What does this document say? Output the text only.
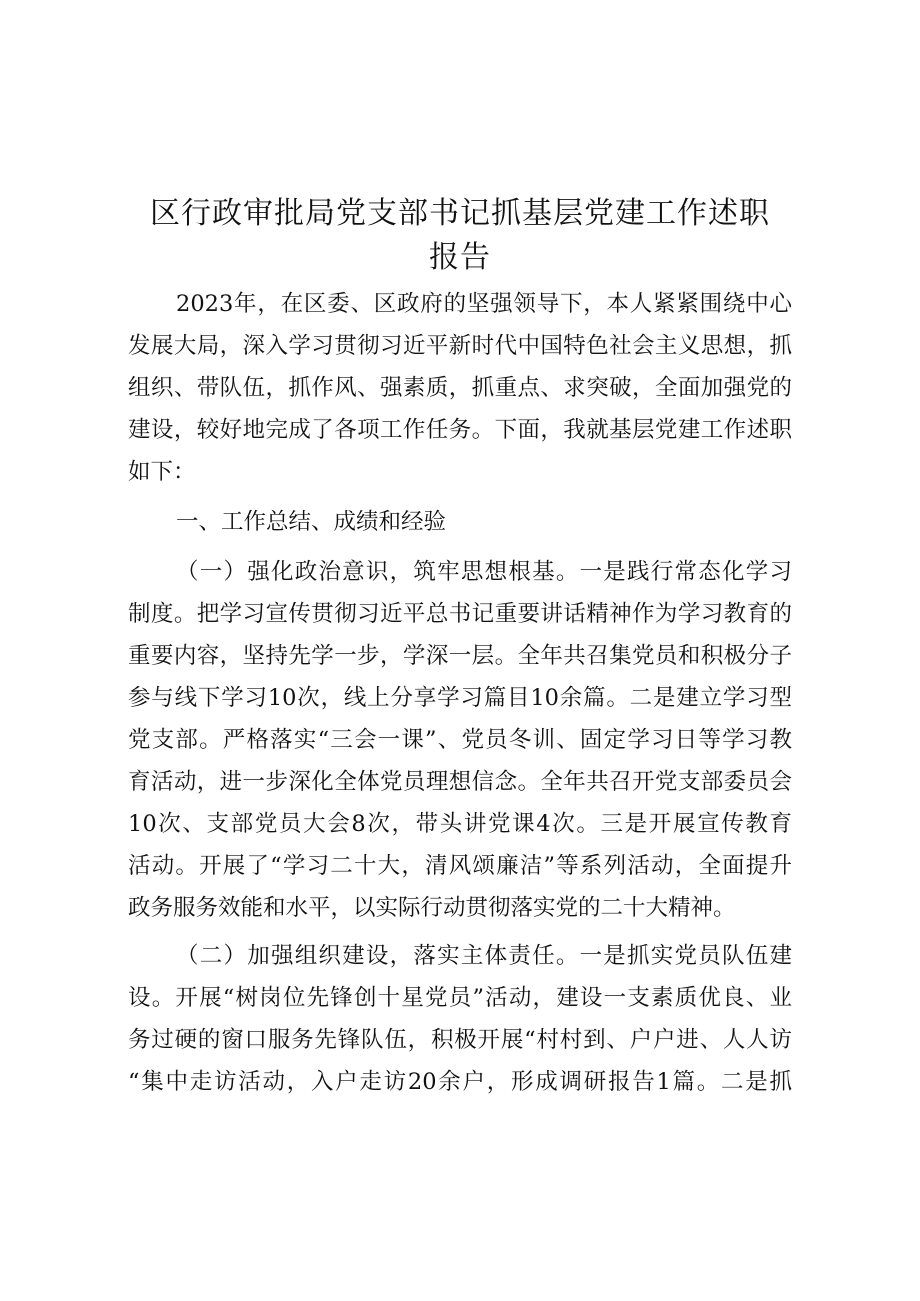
区行政审批局党支部书记抓基层党建工作述职
报告
2023年，在区委、区政府的坚强领导下，本人紧紧围绕中心
发展大局，深入学习贯彻习近平新时代中国特色社会主义思想，抓
组织、带队伍，抓作风、强素质，抓重点、求突破，全面加强党的
建设，较好地完成了各项工作任务。下面，我就基层党建工作述职
如下：
一、工作总结、成绩和经验
（一）强化政治意识，筑牢思想根基。一是践行常态化学习
制度。把学习宣传贯彻习近平总书记重要讲话精神作为学习教育的
重要内容，坚持先学一步，学深一层。全年共召集党员和积极分子
参与线下学习10次，线上分享学习篇目10余篇。二是建立学习型
党支部。严格落实“三会一课”、党员冬训、固定学习日等学习教
育活动，进一步深化全体党员理想信念。全年共召开党支部委员会
10次、支部党员大会8次，带头讲党课4次。三是开展宣传教育
活动。开展了“学习二十大，清风颂廉洁”等系列活动，全面提升
政务服务效能和水平，以实际行动贯彻落实党的二十大精神。
（二）加强组织建设，落实主体责任。一是抓实党员队伍建
设。开展“树岗位先锋创十星党员”活动，建设一支素质优良、业
务过硬的窗口服务先锋队伍，积极开展“村村到、户户进、人人访
“集中走访活动，入户走访20余户，形成调研报告1篇。二是抓
